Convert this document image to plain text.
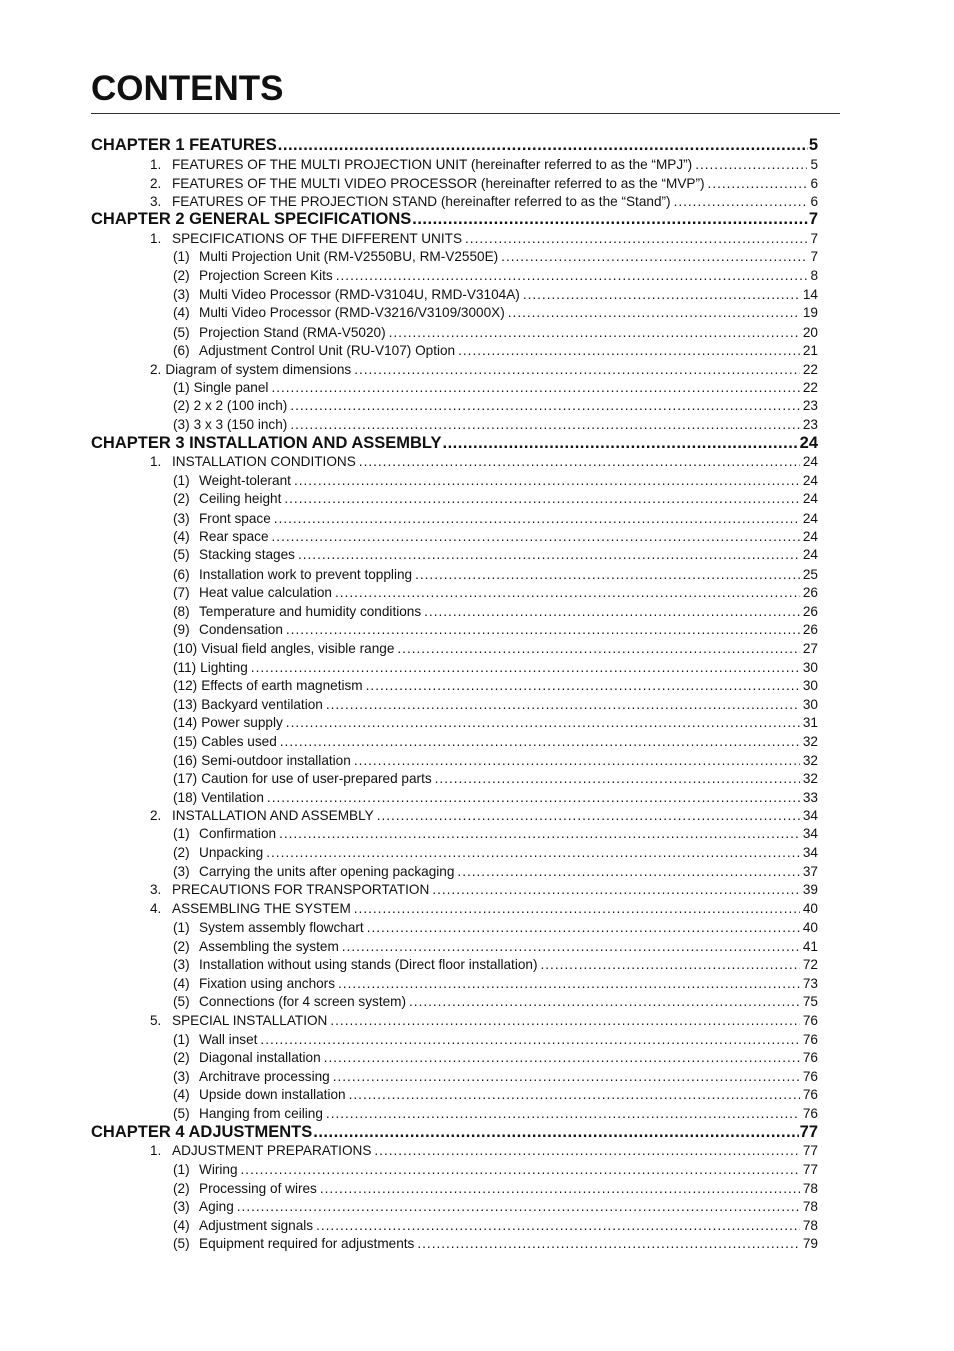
CONTENTS
CHAPTER 1 FEATURES .....	5
1. FEATURES OF THE MULTI PROJECTION UNIT (hereinafter referred to as the “MPJ”) .....	5
2. FEATURES OF THE MULTI VIDEO PROCESSOR (hereinafter referred to as the “MVP”) .....	6
3. FEATURES OF THE PROJECTION STAND (hereinafter referred to as the “Stand”) .....	6
CHAPTER 2 GENERAL SPECIFICATIONS .....	7
1. SPECIFICATIONS OF THE DIFFERENT UNITS .....	7
(1) Multi Projection Unit (RM-V2550BU, RM-V2550E) .....	7
(2) Projection Screen Kits .....	8
(3) Multi Video Processor (RMD-V3104U, RMD-V3104A) .....	14
(4) Multi Video Processor (RMD-V3216/V3109/3000X) .....	19
(5) Projection Stand (RMA-V5020) .....	20
(6) Adjustment Control Unit (RU-V107) Option .....	21
2. Diagram of system dimensions .....	22
(1) Single panel .....	22
(2) 2 x 2 (100 inch) .....	23
(3) 3 x 3 (150 inch) .....	23
CHAPTER 3 INSTALLATION AND ASSEMBLY .....	24
1. INSTALLATION CONDITIONS .....	24
(1) Weight-tolerant .....	24
(2) Ceiling height .....	24
(3) Front space .....	24
(4) Rear space .....	24
(5) Stacking stages .....	24
(6) Installation work to prevent toppling .....	25
(7) Heat value calculation .....	26
(8) Temperature and humidity conditions .....	26
(9) Condensation .....	26
(10) Visual field angles, visible range .....	27
(11) Lighting .....	30
(12) Effects of earth magnetism .....	30
(13) Backyard ventilation .....	30
(14) Power supply .....	31
(15) Cables used .....	32
(16) Semi-outdoor installation .....	32
(17) Caution for use of user-prepared parts .....	32
(18) Ventilation .....	33
2. INSTALLATION AND ASSEMBLY .....	34
(1) Confirmation .....	34
(2) Unpacking .....	34
(3) Carrying the units after opening packaging .....	37
3. PRECAUTIONS FOR TRANSPORTATION .....	39
4. ASSEMBLING THE SYSTEM .....	40
(1) System assembly flowchart .....	40
(2) Assembling the system .....	41
(3) Installation without using stands (Direct floor installation) .....	72
(4) Fixation using anchors .....	73
(5) Connections (for 4 screen system) .....	75
5. SPECIAL INSTALLATION .....	76
(1) Wall inset .....	76
(2) Diagonal installation .....	76
(3) Architrave processing .....	76
(4) Upside down installation .....	76
(5) Hanging from ceiling .....	76
CHAPTER 4 ADJUSTMENTS .....	77
1. ADJUSTMENT PREPARATIONS .....	77
(1) Wiring .....	77
(2) Processing of wires .....	78
(3) Aging .....	78
(4) Adjustment signals .....	78
(5) Equipment required for adjustments .....	79
